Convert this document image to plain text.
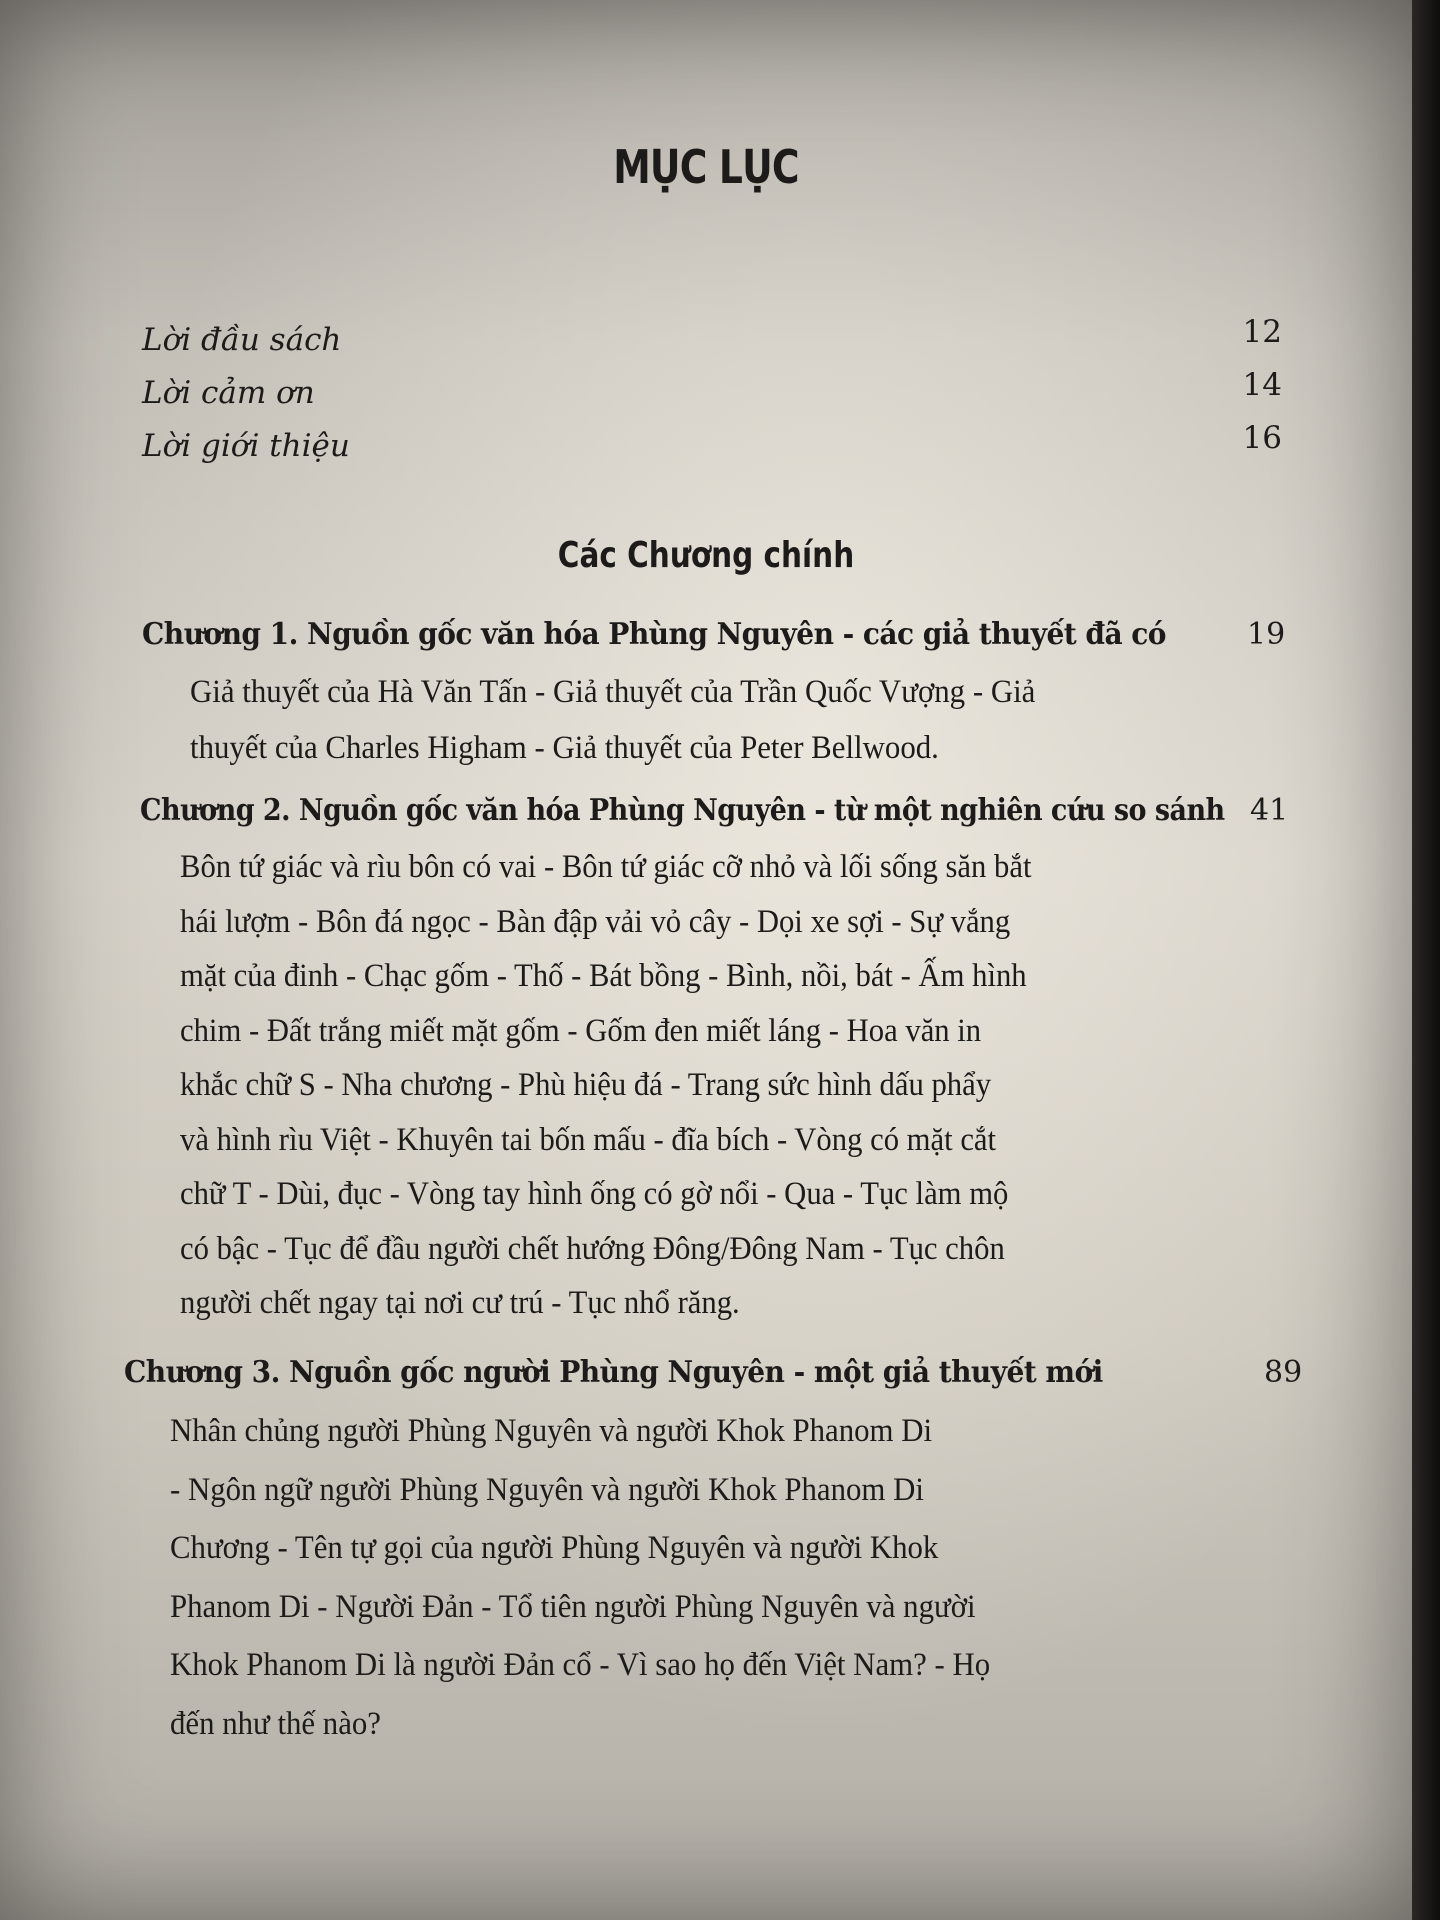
MỤC LỤC
Lời đầu sách	12
Lời cảm ơn	14
Lời giới thiệu	16
Các Chương chính
Chương 1. Nguồn gốc văn hóa Phùng Nguyên - các giả thuyết đã có	19
Giả thuyết của Hà Văn Tấn - Giả thuyết của Trần Quốc Vượng - Giả
thuyết của Charles Higham - Giả thuyết của Peter Bellwood.
Chương 2. Nguồn gốc văn hóa Phùng Nguyên - từ một nghiên cứu so sánh 41
Bôn tứ giác và rìu bôn có vai - Bôn tứ giác cỡ nhỏ và lối sống săn bắt
hái lượm - Bôn đá ngọc - Bàn đập vải vỏ cây - Dọi xe sợi - Sự vắng
mặt của đinh - Chạc gốm - Thố - Bát bồng - Bình, nồi, bát - Ấm hình
chim - Đất trắng miết mặt gốm - Gốm đen miết láng - Hoa văn in
khắc chữ S - Nha chương - Phù hiệu đá - Trang sức hình dấu phẩy
và hình rìu Việt - Khuyên tai bốn mấu - đĩa bích - Vòng có mặt cắt
chữ T - Dùi, đục - Vòng tay hình ống có gờ nổi - Qua - Tục làm mộ
có bậc - Tục để đầu người chết hướng Đông/Đông Nam - Tục chôn
người chết ngay tại nơi cư trú - Tục nhổ răng.
Chương 3. Nguồn gốc người Phùng Nguyên - một giả thuyết mới	89
Nhân chủng người Phùng Nguyên và người Khok Phanom Di
- Ngôn ngữ người Phùng Nguyên và người Khok Phanom Di
Chương - Tên tự gọi của người Phùng Nguyên và người Khok
Phanom Di - Người Đản - Tổ tiên người Phùng Nguyên và người
Khok Phanom Di là người Đản cổ - Vì sao họ đến Việt Nam? - Họ
đến như thế nào?
